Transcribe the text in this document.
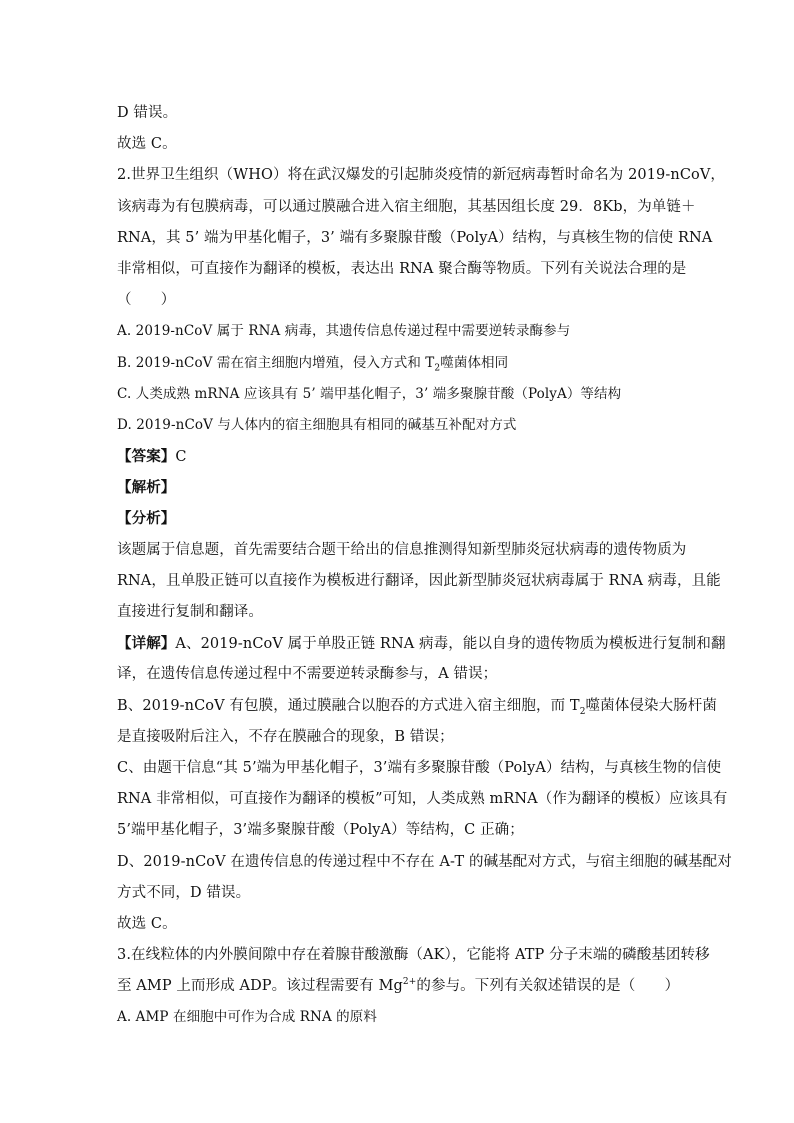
D 错误。
故选 C。
2.世界卫生组织（WHO）将在武汉爆发的引起肺炎疫情的新冠病毒暂时命名为 2019-nCoV，
该病毒为有包膜病毒，可以通过膜融合进入宿主细胞，其基因组长度 29．8Kb，为单链＋
RNA，其 5’ 端为甲基化帽子，3’ 端有多聚腺苷酸（PolyA）结构，与真核生物的信使 RNA
非常相似，可直接作为翻译的模板，表达出 RNA 聚合酶等物质。下列有关说法合理的是
（　　）
A. 2019-nCoV 属于 RNA 病毒，其遗传信息传递过程中需要逆转录酶参与
B. 2019-nCoV 需在宿主细胞内增殖，侵入方式和 $T_2$噬菌体相同
C. 人类成熟 mRNA 应该具有 5’ 端甲基化帽子，3’ 端多聚腺苷酸（PolyA）等结构
D. 2019-nCoV 与人体内的宿主细胞具有相同的碱基互补配对方式
【答案】C
【解析】
【分析】
该题属于信息题，首先需要结合题干给出的信息推测得知新型肺炎冠状病毒的遗传物质为
RNA，且单股正链可以直接作为模板进行翻译，因此新型肺炎冠状病毒属于 RNA 病毒，且能
直接进行复制和翻译。
【详解】A、2019-nCoV 属于单股正链 RNA 病毒，能以自身的遗传物质为模板进行复制和翻
译，在遗传信息传递过程中不需要逆转录酶参与，A 错误；
B、2019-nCoV 有包膜，通过膜融合以胞吞的方式进入宿主细胞，而 $T_2$噬菌体侵染大肠杆菌
是直接吸附后注入，不存在膜融合的现象，B 错误；
C、由题干信息“其 5’端为甲基化帽子，3’端有多聚腺苷酸（PolyA）结构，与真核生物的信使
RNA 非常相似，可直接作为翻译的模板”可知，人类成熟 mRNA（作为翻译的模板）应该具有
5’端甲基化帽子，3’端多聚腺苷酸（PolyA）等结构，C 正确；
D、2019-nCoV 在遗传信息的传递过程中不存在 A-T 的碱基配对方式，与宿主细胞的碱基配对
方式不同，D 错误。
故选 C。
3.在线粒体的内外膜间隙中存在着腺苷酸激酶（AK），它能将 ATP 分子末端的磷酸基团转移
至 AMP 上而形成 ADP。该过程需要有 $Mg^{2+}$的参与。下列有关叙述错误的是（　　）
A. AMP 在细胞中可作为合成 RNA 的原料
